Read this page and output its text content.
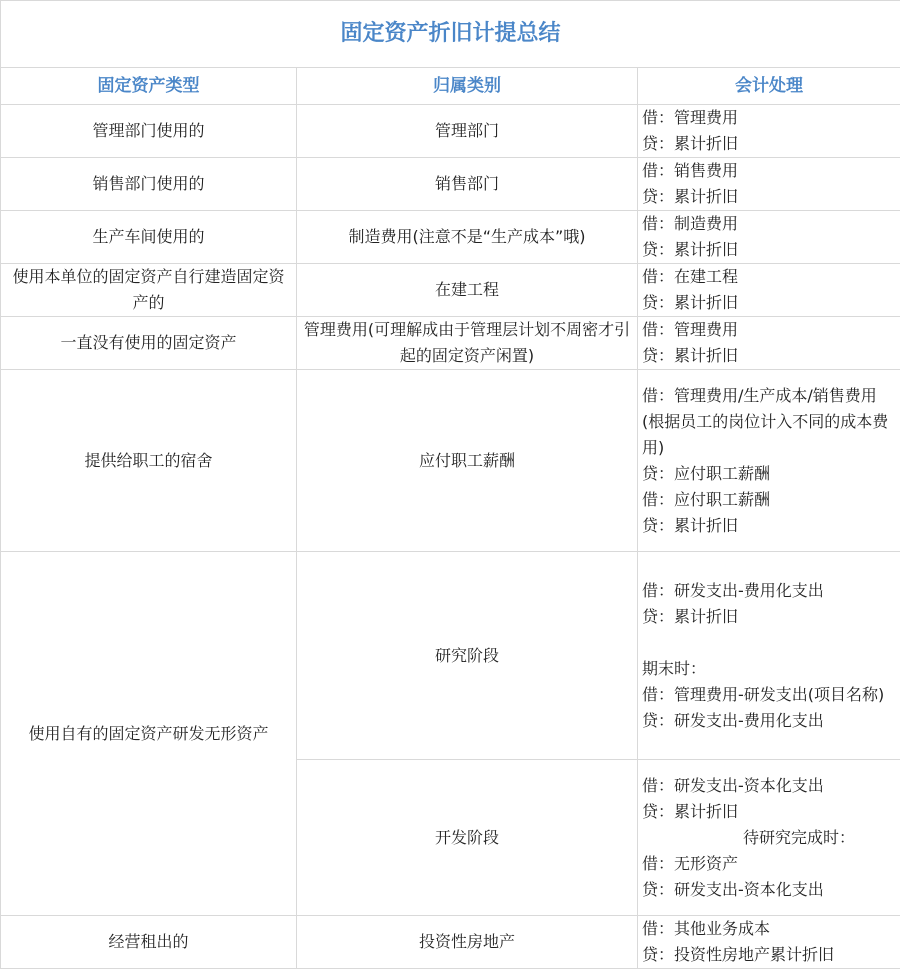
固定资产折旧计提总结		
固定资产类型	归属类别	会计处理
管理部门使用的	管理部门	借：管理费用
贷：累计折旧

销售部门使用的	销售部门	借：销售费用
贷：累计折旧

生产车间使用的	制造费用(注意不是“生产成本”哦)	借：制造费用
贷：累计折旧

使用本单位的固定资产自行建造固定资产的	在建工程	借：在建工程
贷：累计折旧

一直没有使用的固定资产	管理费用(可理解成由于管理层计划不周密才引起的固定资产闲置)	借：管理费用
贷：累计折旧

提供给职工的宿舍	应付职工薪酬	借：管理费用/生产成本/销售费用(根据员工的岗位计入不同的成本费用)
贷：应付职工薪酬
借：应付职工薪酬
贷：累计折旧

使用自有的固定资产研发无形资产	研究阶段	借：研发支出-费用化支出
贷：累计折旧

期末时：
借：管理费用-研发支出(项目名称)
贷：研发支出-费用化支出

	开发阶段	借：研发支出-资本化支出
贷：累计折旧
待研究完成时：
借：无形资产
贷：研发支出-资本化支出

经营租出的	投资性房地产	借：其他业务成本
贷：投资性房地产累计折旧
